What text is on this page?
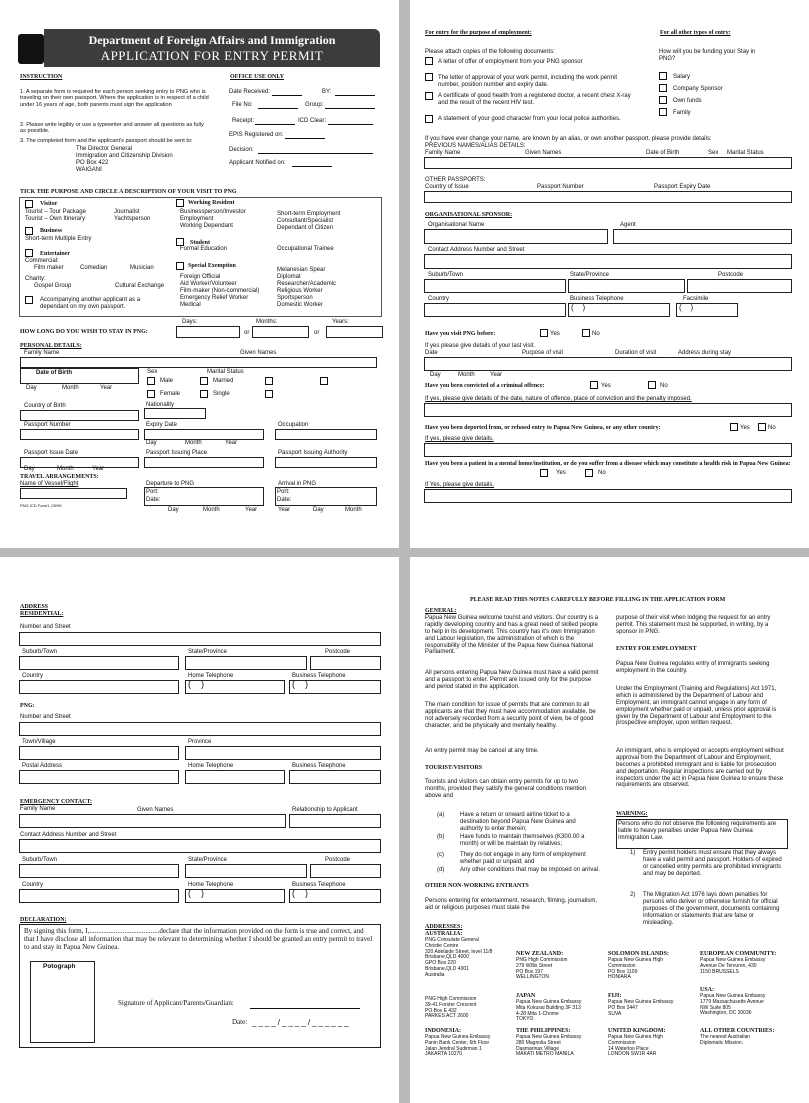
Department of Foreign Affairs and Immigration
APPLICATION FOR ENTRY PERMIT
INSTRUCTION
1. A separate form is required for each person seeking entry to PNG who is traveling on their own passport. Where the application is in respect of a child under 16 years of age, both parents must sign the application
2. Please write legibly or use a typewriter and answer all questions as fully as possible.
3. The completed form and the applicant's passport should be sent to:
The Director General
Immigration and Citizenship Division
PO Box 422
WAIGANI
OFFICE USE ONLY
Date Received:	BY:
File No:	Group:
Receipt:	ICD Clear:
EPIS Registered on:
Decision:
Applicant Notified on:
TICK THE PURPOSE AND CIRCLE A DESCRIPTION OF YOUR VISIT TO PNG
Visitor
Tourist – Tour Package
Tourist – Own Itinerary
Journalist
Yachtsperson
Business
Short-term Multiple Entry
Entertainer
Commercial:
Film maker	Comedian	Musician
Charity:
Gospel Group	Cultural Exchange
Accompanying another applicant as a dependant on my own passport.
Working Resident
Businessperson/Investor
Employment
Working Dependant
Short-term Employment
Consultant/Specialist
Dependant of Citizen
Student
Formal Education	Occupational Trainee
Special Exemption
Foreign Official
Aid Worker/Volunteer
Film-maker (Non-commercial)
Emergency Relief Worker
Medical
Melanesian Spear
Diplomat
Researcher/Academic
Religious Worker
Sportsperson
Domestic Worker
HOW LONG DO YOU WISH TO STAY IN PNG:
Days:
or
Months:
or
Years:
PERSONAL DETAILS:
Family Name	Given Names
Date of Birth
Day	Month	Year
Sex
Male
Female
Marital Status
Married
Single
Nationality
Country of Birth
Passport Number	Expiry Date
Day	Month	Year
Occupation
Passport Issue Date
Day	Month	Year
Passport Issuing Place	Passport Issuing Authority
TRAVEL ARRANGEMENTS:
Name of Vessel/Flight	Departure to PNG
Port:
Date:
Arrival in PNG
Port:
Date:
Day	Month	Year	Year	Day	Month
PNG ICD Form1 ,05/95
For entry for the purpose of employment:	For all other types of entry:
Please attach copies of the following documents:
A letter of offer of employment from your PNG sponsor
The letter of approval of your work permit, including the work permit number, position number and expiry date.
A certificate of good health from a registered doctor, a recent chest X-ray and the result of the recent HIV test.
A statement of your good character from your local police authorities.
How will you be funding your Stay in PNG?
Salary
Company Sponsor
Own funds
Family
If you have ever change your name, are known by an alias, or own another passport, please provide details:
PREVIOUS NAMES/ALIAS DETAILS:
Family Name	Given Names	Date of Birth	Sex Marital Status
OTHER PASSPORTS:
Country of Issue	Passport Number	Passport Expiry Date
ORGANISATIONAL SPONSOR:
Organisational Name	Agent
Contact Address Number and Street
Suburb/Town	State/Province	Postcode
Country	Business Telephone	Facsimile
(    )	(    )
Have you visit PNG before:	Yes	No
If yes please give details of your last visit.
Date	Purpose of visit	Duration of visit	Address during stay
Day	Month	Year
Have you been convicted of a criminal offence:	Yes	No
If yes, please give details of the date, nature of offence, place of conviction and the penalty imposed.
Have you been deported from, or refused entry to Papua New Guinea, or any other country:	Yes	No
If yes, please give details.
Have you been a patient in a mental home/institution, or do you suffer from a disease which may constitute a health risk in Papua New Guinea:
Yes	No
If Yes, please give details.
ADDRESS
RESIDENTIAL:
Number and Street
Suburb/Town	State/Province	Postcode
Country	Home Telephone	Business Telephone
(    )	(    )
PNG:
Number and Street
Town/Village	Province
Postal Address	Home Telephone	Business Telephone
EMERGENCY CONTACT:
Family Name	Given Names	Relationship to Applicant
Contact Address Number and Street
Suburb/Town	State/Province	Postcode
Country	Home Telephone	Business Telephone
(    )	(    )
DECLARATION:
By signing this form, I,........................................declare that the information provided on the form is true and correct, and that I have disclose all information that may be relevant to determining whether I should be granted an entry permit to travel to and stay in Papua New Guinea.
Potograph
Signature of Applicant/Parents/Guardian:
Date: ____/____/______
PLEASE READ THIS NOTES CAREFULLY BEFORE FILLING IN THE APPLICATION FORM
GENERAL:
Papua New Guinea welcome tourist and visitors. Our country is a rapidly developing country and has a great need of skilled people to help in its development. This country has it's own Immigration and Labour legislation, the administration of which is the responsibility of the Minister of the Papua New Guinea National Parliament.
All persons entering Papua New Guinea must have a valid permit and a passport to enter. Permit are issued only for the purpose and period stated in the application.
The main condition for issue of permits that are common to all applicants are that they must have accommodation available, be not adversely recorded from a security point of view, be of good character, and be physically and mentally healthy.
An entry permit may be cancel at any time.
TOURIST/VISITORS
Tourists and visitors can obtain entry permits for up to two months, provided they satisfy the general conditions mention above and
(a)	Have a return or onward airline ticket to a destination beyond Papua New Guinea and authority to enter therein;
(b)	Have funds to maintain themselves (K300.00 a month) or will be maintain by relatives;
(c)	They do not engage in any form of employment whether paid or unpaid; and
(d)	Any other conditions that may be imposed on arrival.
OTHER NON-WORKING ENTRANTS
Persons entering for entertainment, research, filming, journalism, aid or religious purposes must state the
purpose of their visit when lodging the request for an entry permit. This statement must be supported, in writing, by a sponsor in PNG.
ENTRY FOR EMPLOYMENT
Papua New Guinea regulates entry of immigrants seeking employment in the country.
Under the Employment (Training and Regulations) Act 1971, which is administered by the Department of Labour and Employment, an immigrant cannot engage in any form of employment whether paid or unpaid, unless prior approval is given by the Department of Labour and Employment to the prospective employer, upon written request.
An immigrant, who is employed or accepts employment without approval from the Department of Labour and Employment, becomes a prohibited immigrant and is liable for prosecution and deportation. Regular inspections are carried out by inspectors under the act in Papua New Guinea to ensure these requirements are observed.
WARNING:
Persons who do not observe the following requirements are liable to heavy penalties under Papua New Guinea Immigration Law.
1) Entry permit holders must ensure that they always have a valid permit and passport. Holders of expired or cancelled entry permits are prohibited immigrants and may be deported.
2) The Migration Act 1976 lays down penalties for persons who deliver or otherwise furnish for official purposes of the government, documents containing information or statements that are false or misleading.
ADDRESSES:
AUSTRALIA:
PNG Consulate General
Christie Centre
320 Adelaide Street, level 11/8
Brisbane,QLD 4000
GPO Box 220
Brisbane,QLD 4001
Australia
PNG High Commission
39-41 Forster Crescent
PO Box E 432
PARKES ACT 2600
NEW ZEALAND:
PNG High Commission
279 Willis Street
PO Box 197
WELLINGTON
JAPAN
Papua New Guinea Embassy
Mita Kokusai Building 3F 313
4-28 Mita 1-Chome
TOKYO
SOLOMON ISLANDS:
Papua New Guinea High
Commission
PO Box 1109
HONIARA
FIJI:
Papua New Guinea Embassy
PO Box 2447
SUVA
EUROPEAN COMMUNITY:
Papua New Guinea Embassy
Avenue De Tervuren, 430
1150 BRUSSELS
USA:
Papua New Guinea Embassy
1779 Massachusetts Avenue
NW Suite 805
Washington, DC 20036
INDONESIA:
Papua New Guinea Embassy
Panin Bank Center, 6th Floor
Jalan Jendral Sudirman 1
JAKARTA 10270
THE PHILIPPINES:
Papua New Guinea Embassy
280 Magnolia Street
Dasmarinas Village
MAKATI METRO MANILA
UNITED KINGDOM:
Papua New Guinea High
Commission
14 Waterloo Place
LONDON SW1R 4AR
ALL OTHER COUNTRIES:
The nearest Australian
Diplomatic Mission.
